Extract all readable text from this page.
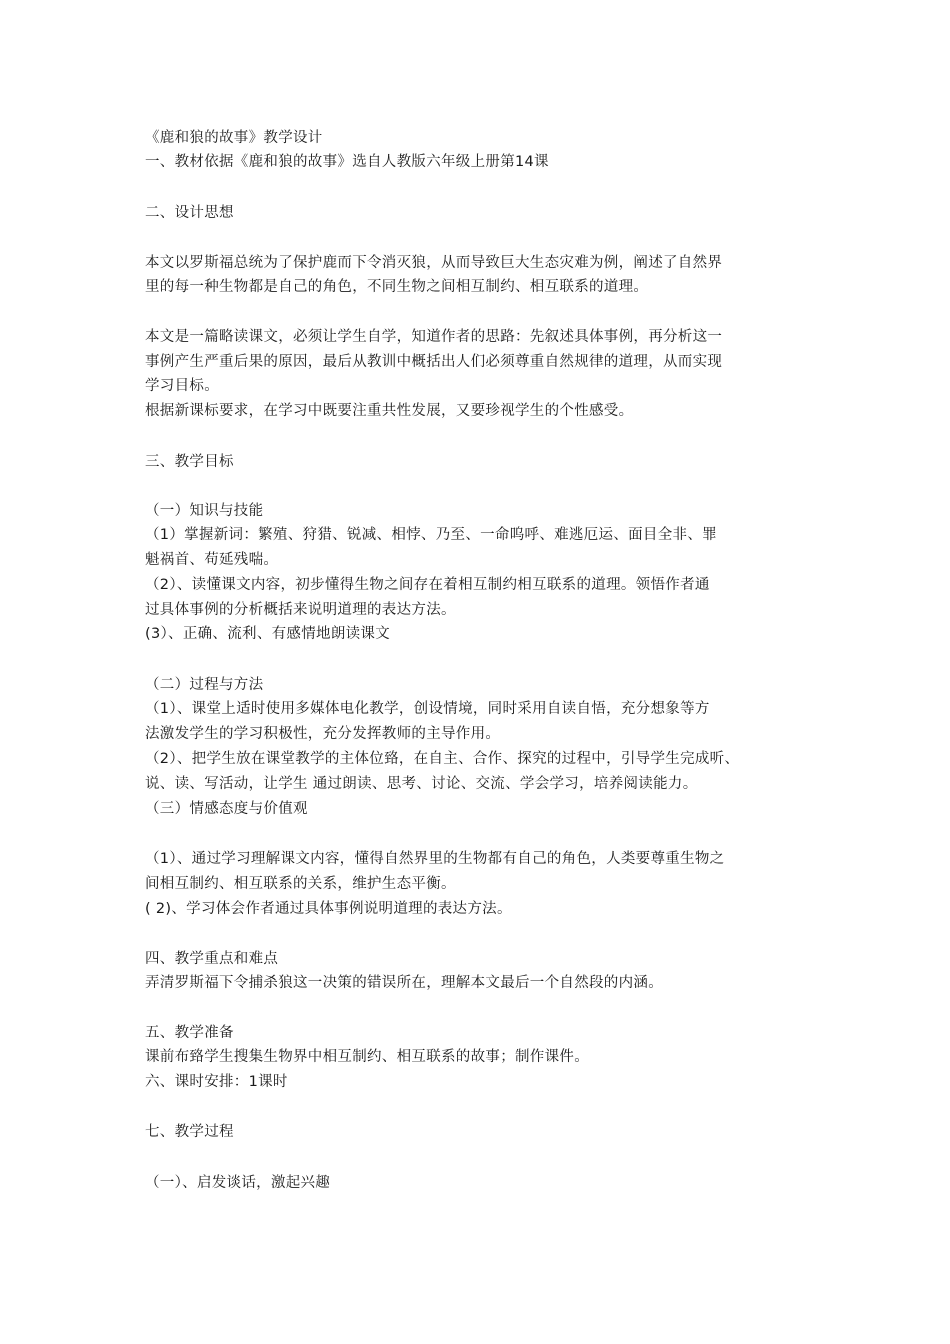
《鹿和狼的故事》教学设计

一、教材依据《鹿和狼的故事》选自人教版六年级上册第14课

二、设计思想

本文以罗斯福总统为了保护鹿而下令消灭狼，从而导致巨大生态灾难为例，阐述了自然界

里的每一种生物都是自己的角色，不同生物之间相互制约、相互联系的道理。

本文是一篇略读课文，必须让学生自学，知道作者的思路：先叙述具体事例，再分析这一

事例产生严重后果的原因，最后从教训中概括出人们必须尊重自然规律的道理，从而实现

学习目标。

根据新课标要求，在学习中既要注重共性发展，又要珍视学生的个性感受。

三、教学目标

（一）知识与技能

（1）掌握新词：繁殖、狩猎、锐减、相悖、乃至、一命呜呼、难逃厄运、面目全非、罪

魁祸首、苟延残喘。

（2）、读懂课文内容，初步懂得生物之间存在着相互制约相互联系的道理。领悟作者通

过具体事例的分析概括来说明道理的表达方法。

(3）、正确、流利、有感情地朗读课文

（二）过程与方法

（1）、课堂上适时使用多媒体电化教学，创设情境，同时采用自读自悟，充分想象等方

法激发学生的学习积极性，充分发挥教师的主导作用。

（2）、把学生放在课堂教学的主体位臵，在自主、合作、探究的过程中，引导学生完成听、

说、读、写活动，让学生 通过朗读、思考、讨论、交流、学会学习，培养阅读能力。

（三）情感态度与价值观

（1）、通过学习理解课文内容，懂得自然界里的生物都有自己的角色，人类要尊重生物之

间相互制约、相互联系的关系，维护生态平衡。

( 2)、学习体会作者通过具体事例说明道理的表达方法。

四、教学重点和难点

弄清罗斯福下令捕杀狼这一决策的错误所在，理解本文最后一个自然段的内涵。

五、教学准备

课前布臵学生搜集生物界中相互制约、相互联系的故事；制作课件。

六、课时安排：1课时

七、教学过程

（一）、启发谈话，激起兴趣
